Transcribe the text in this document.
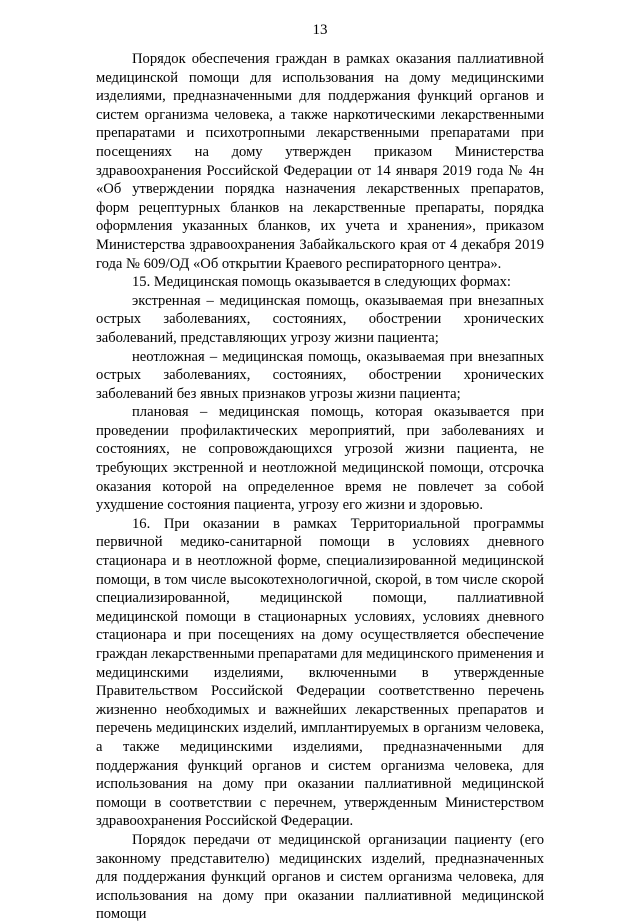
13

Порядок обеспечения граждан в рамках оказания паллиативной медицинской помощи для использования на дому медицинскими изделиями, предназначенными для поддержания функций органов и систем организма человека, а также наркотическими лекарственными препаратами и психотропными лекарственными препаратами при посещениях на дому утвержден приказом Министерства здравоохранения Российской Федерации от 14 января 2019 года № 4н «Об утверждении порядка назначения лекарственных препаратов, форм рецептурных бланков на лекарственные препараты, порядка оформления указанных бланков, их учета и хранения», приказом Министерства здравоохранения Забайкальского края от 4 декабря 2019 года № 609/ОД «Об открытии Краевого респираторного центра».

15. Медицинская помощь оказывается в следующих формах:

экстренная – медицинская помощь, оказываемая при внезапных острых заболеваниях, состояниях, обострении хронических заболеваний, представляющих угрозу жизни пациента;

неотложная – медицинская помощь, оказываемая при внезапных острых заболеваниях, состояниях, обострении хронических заболеваний без явных признаков угрозы жизни пациента;

плановая – медицинская помощь, которая оказывается при проведении профилактических мероприятий, при заболеваниях и состояниях, не сопровождающихся угрозой жизни пациента, не требующих экстренной и неотложной медицинской помощи, отсрочка оказания которой на определенное время не повлечет за собой ухудшение состояния пациента, угрозу его жизни и здоровью.

16. При оказании в рамках Территориальной программы первичной медико-санитарной помощи в условиях дневного стационара и в неотложной форме, специализированной медицинской помощи, в том числе высокотехнологичной, скорой, в том числе скорой специализированной, медицинской помощи, паллиативной медицинской помощи в стационарных условиях, условиях дневного стационара и при посещениях на дому осуществляется обеспечение граждан лекарственными препаратами для медицинского применения и медицинскими изделиями, включенными в утвержденные Правительством Российской Федерации соответственно перечень жизненно необходимых и важнейших лекарственных препаратов и перечень медицинских изделий, имплантируемых в организм человека, а также медицинскими изделиями, предназначенными для поддержания функций органов и систем организма человека, для использования на дому при оказании паллиативной медицинской помощи в соответствии с перечнем, утвержденным Министерством здравоохранения Российской Федерации.

Порядок передачи от медицинской организации пациенту (его законному представителю) медицинских изделий, предназначенных для поддержания функций органов и систем организма человека, для использования на дому при оказании паллиативной медицинской помощи
